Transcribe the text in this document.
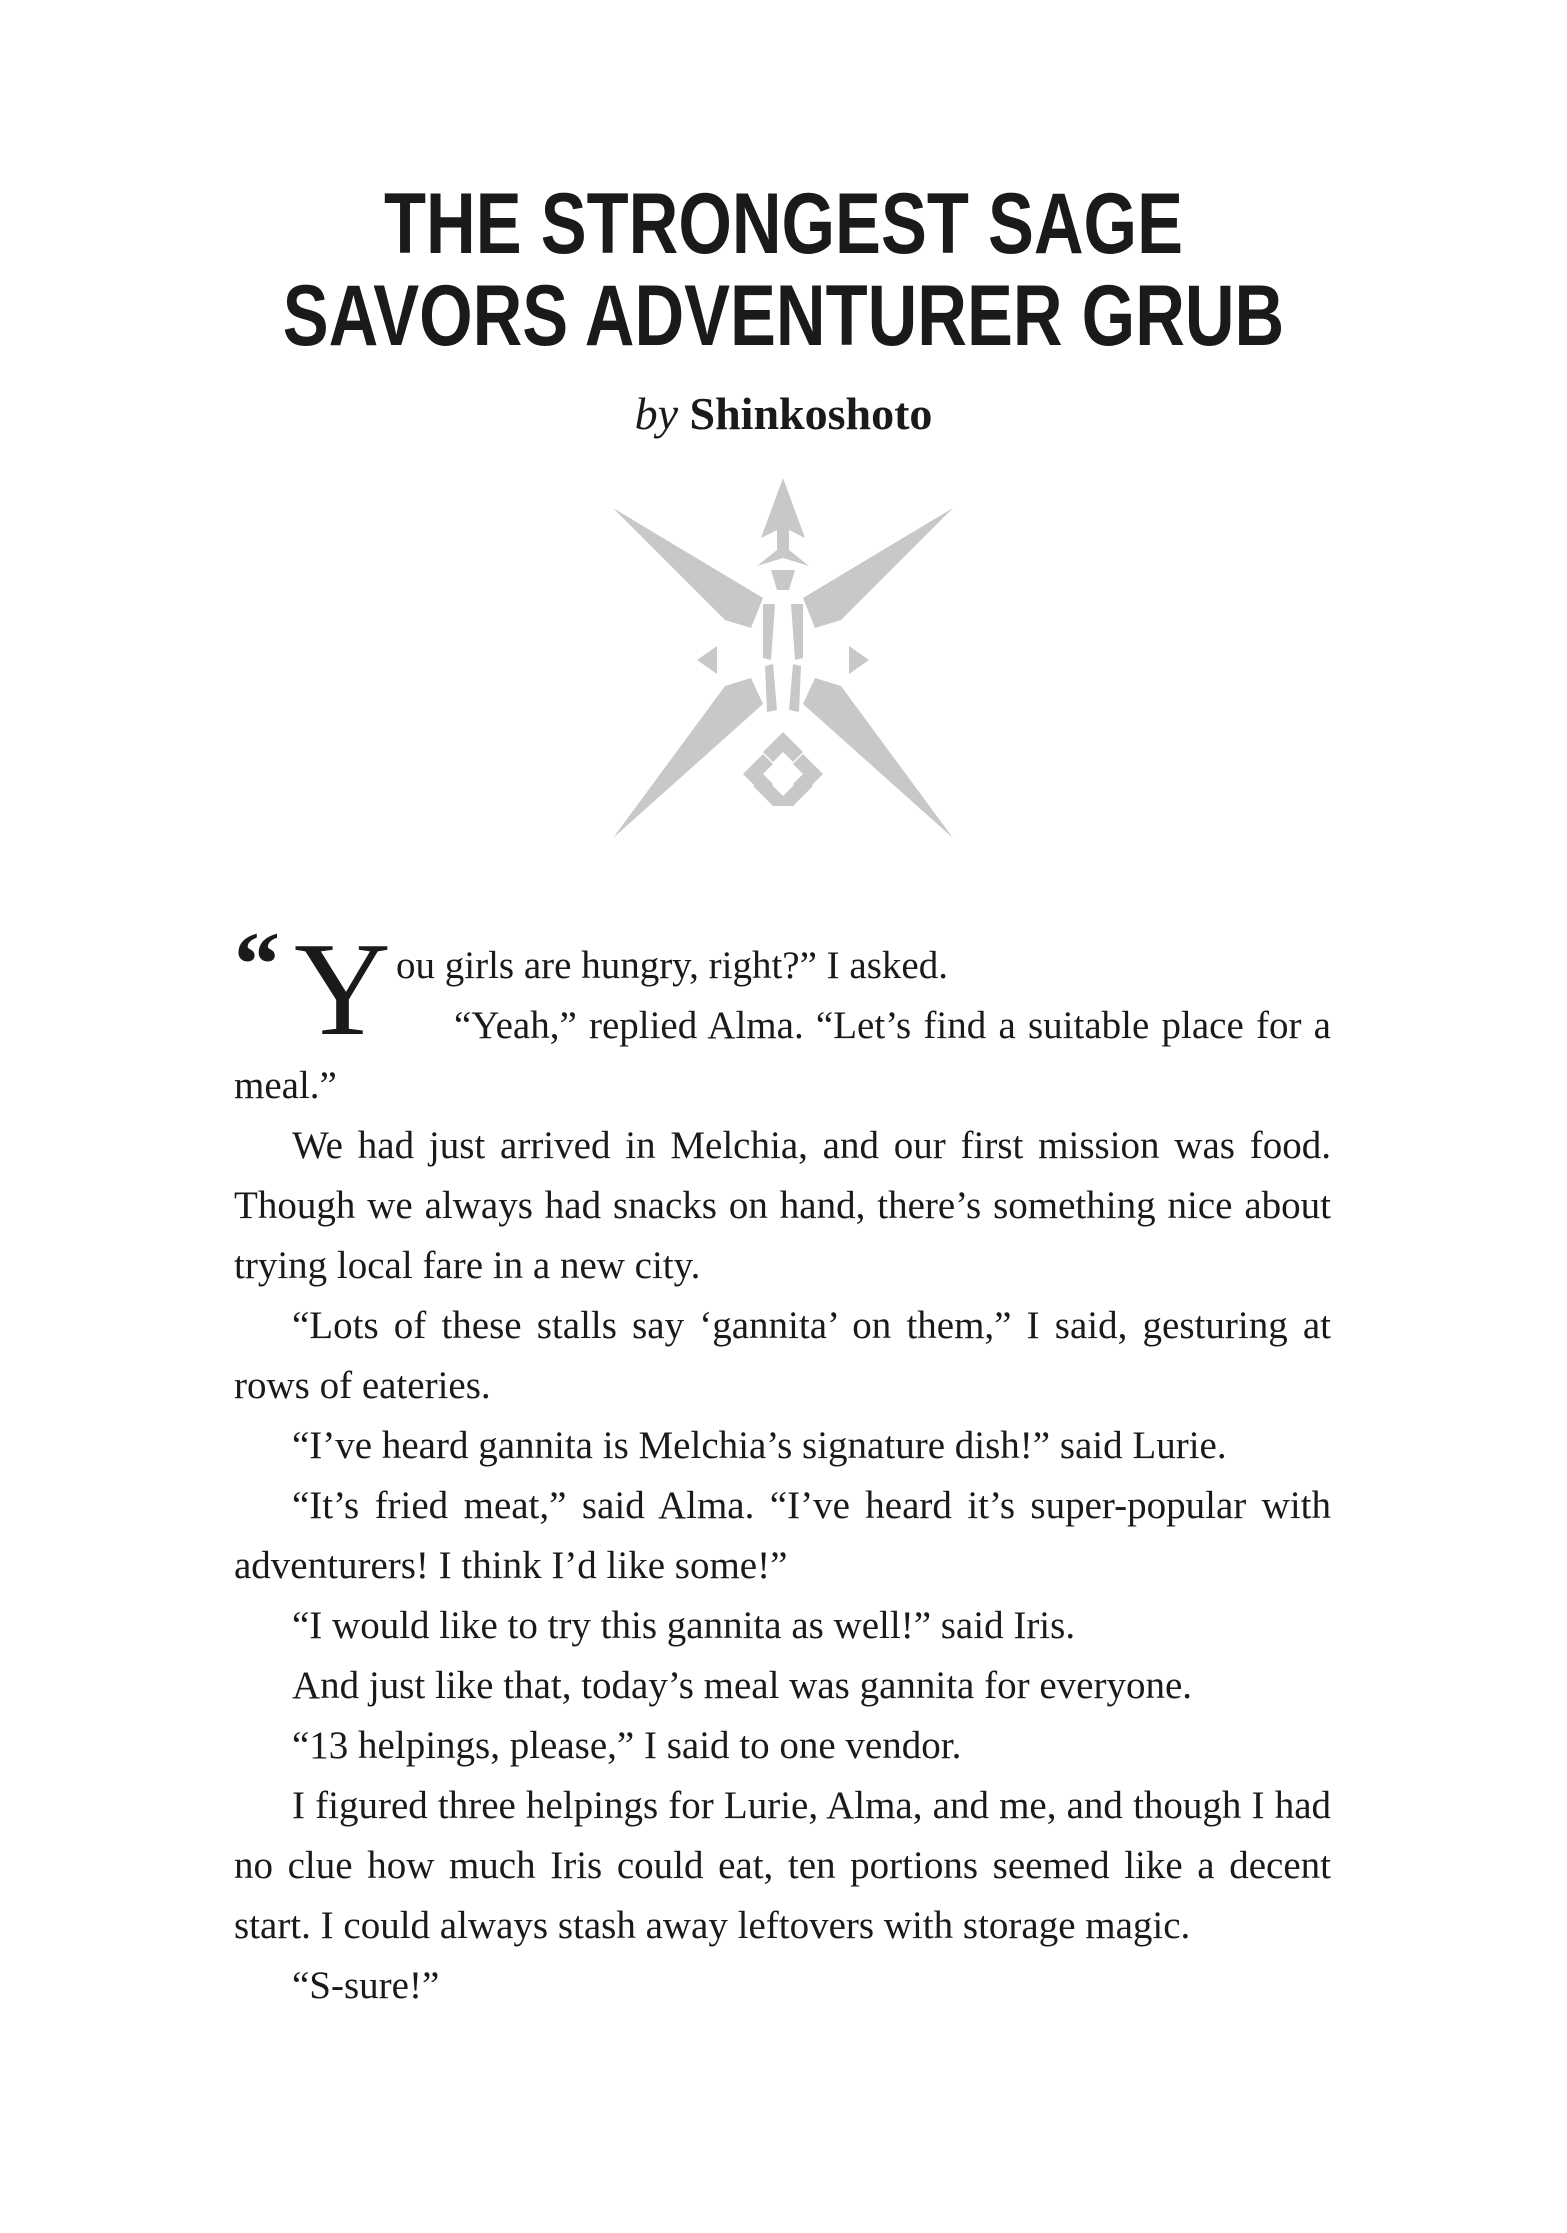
THE STRONGEST SAGE
SAVORS ADVENTURER GRUB
by Shinkoshoto

“ Y ou girls are hungry, right?” I asked.

“Yeah,” replied Alma. “Let’s find a suitable place for a meal.”

We had just arrived in Melchia, and our first mission was food. Though we always had snacks on hand, there’s something nice about trying local fare in a new city.

“Lots of these stalls say ‘gannita’ on them,” I said, gesturing at rows of eateries.

“I’ve heard gannita is Melchia’s signature dish!” said Lurie.

“It’s fried meat,” said Alma. “I’ve heard it’s super-popular with adventurers! I think I’d like some!”

“I would like to try this gannita as well!” said Iris.

And just like that, today’s meal was gannita for everyone.

“13 helpings, please,” I said to one vendor.

I figured three helpings for Lurie, Alma, and me, and though I had no clue how much Iris could eat, ten portions seemed like a decent start. I could always stash away leftovers with storage magic.

“S-sure!”
